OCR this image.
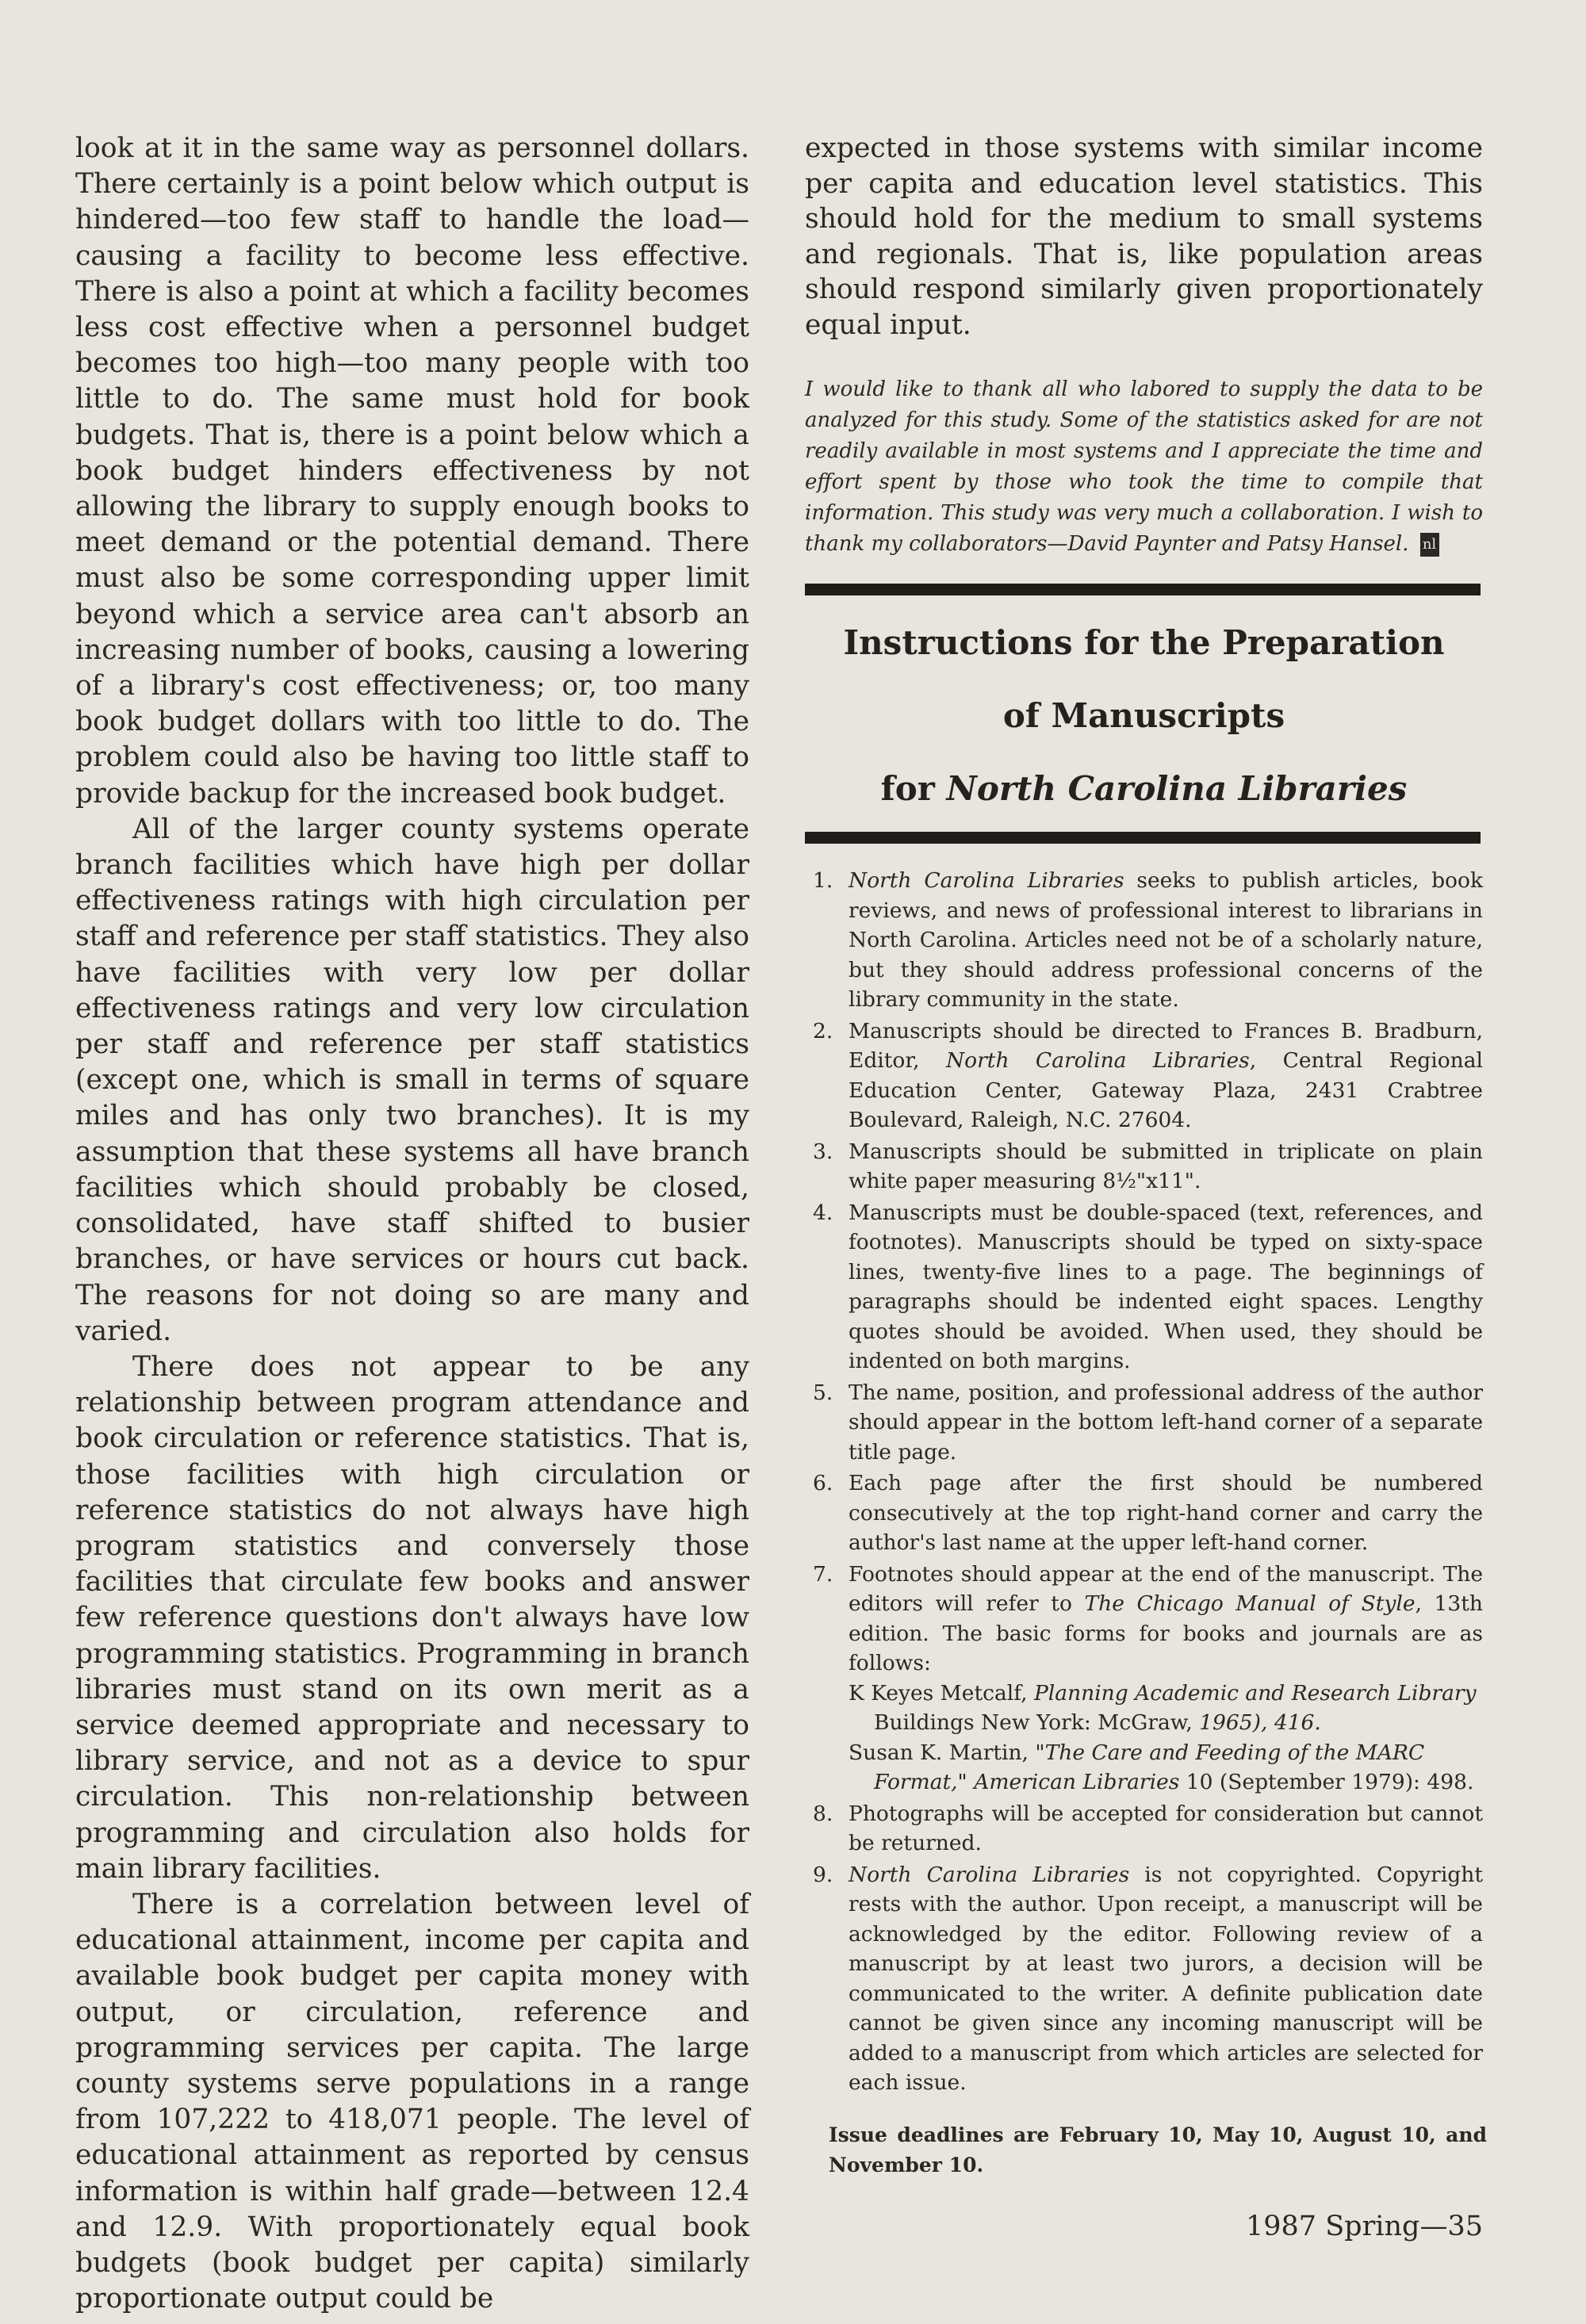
look at it in the same way as personnel dollars. There certainly is a point below which output is hindered—too few staff to handle the load—causing a facility to become less effective. There is also a point at which a facility becomes less cost effective when a personnel budget becomes too high—too many people with too little to do. The same must hold for book budgets. That is, there is a point below which a book budget hinders effectiveness by not allowing the library to supply enough books to meet demand or the potential demand. There must also be some corresponding upper limit beyond which a service area can't absorb an increasing number of books, causing a lowering of a library's cost effectiveness; or, too many book budget dollars with too little to do. The problem could also be having too little staff to provide backup for the increased book budget.

All of the larger county systems operate branch facilities which have high per dollar effectiveness ratings with high circulation per staff and reference per staff statistics. They also have facilities with very low per dollar effectiveness ratings and very low circulation per staff and reference per staff statistics (except one, which is small in terms of square miles and has only two branches). It is my assumption that these systems all have branch facilities which should probably be closed, consolidated, have staff shifted to busier branches, or have services or hours cut back. The reasons for not doing so are many and varied.

There does not appear to be any relationship between program attendance and book circulation or reference statistics. That is, those facilities with high circulation or reference statistics do not always have high program statistics and conversely those facilities that circulate few books and answer few reference questions don't always have low programming statistics. Programming in branch libraries must stand on its own merit as a service deemed appropriate and necessary to library service, and not as a device to spur circulation. This non-relationship between programming and circulation also holds for main library facilities.

There is a correlation between level of educational attainment, income per capita and available book budget per capita money with output, or circulation, reference and programming services per capita. The large county systems serve populations in a range from 107,222 to 418,071 people. The level of educational attainment as reported by census information is within half grade—between 12.4 and 12.9. With proportionately equal book budgets (book budget per capita) similarly proportionate output could be

expected in those systems with similar income per capita and education level statistics. This should hold for the medium to small systems and regionals. That is, like population areas should respond similarly given proportionately equal input.

I would like to thank all who labored to supply the data to be analyzed for this study. Some of the statistics asked for are not readily available in most systems and I appreciate the time and effort spent by those who took the time to compile that information. This study was very much a collaboration. I wish to thank my collaborators—David Paynter and Patsy Hansel. nl

Instructions for the Preparation
of Manuscripts
for North Carolina Libraries
1. North Carolina Libraries seeks to publish articles, book reviews, and news of professional interest to librarians in North Carolina. Articles need not be of a scholarly nature, but they should address professional concerns of the library community in the state.
2. Manuscripts should be directed to Frances B. Bradburn, Editor, North Carolina Libraries, Central Regional Education Center, Gateway Plaza, 2431 Crabtree Boulevard, Raleigh, N.C. 27604.
3. Manuscripts should be submitted in triplicate on plain white paper measuring 8½"x11".
4. Manuscripts must be double-spaced (text, references, and footnotes). Manuscripts should be typed on sixty-space lines, twenty-five lines to a page. The beginnings of paragraphs should be indented eight spaces. Lengthy quotes should be avoided. When used, they should be indented on both margins.
5. The name, position, and professional address of the author should appear in the bottom left-hand corner of a separate title page.
6. Each page after the first should be numbered consecutively at the top right-hand corner and carry the author's last name at the upper left-hand corner.
7. Footnotes should appear at the end of the manuscript. The editors will refer to The Chicago Manual of Style, 13th edition. The basic forms for books and journals are as follows:
K Keyes Metcalf, Planning Academic and Research Library Buildings New York: McGraw, 1965), 416.
Susan K. Martin, "The Care and Feeding of the MARC Format," American Libraries 10 (September 1979): 498.
8. Photographs will be accepted for consideration but cannot be returned.
9. North Carolina Libraries is not copyrighted. Copyright rests with the author. Upon receipt, a manuscript will be acknowledged by the editor. Following review of a manuscript by at least two jurors, a decision will be communicated to the writer. A definite publication date cannot be given since any incoming manuscript will be added to a manuscript from which articles are selected for each issue.
Issue deadlines are February 10, May 10, August 10, and November 10.
1987 Spring—35
